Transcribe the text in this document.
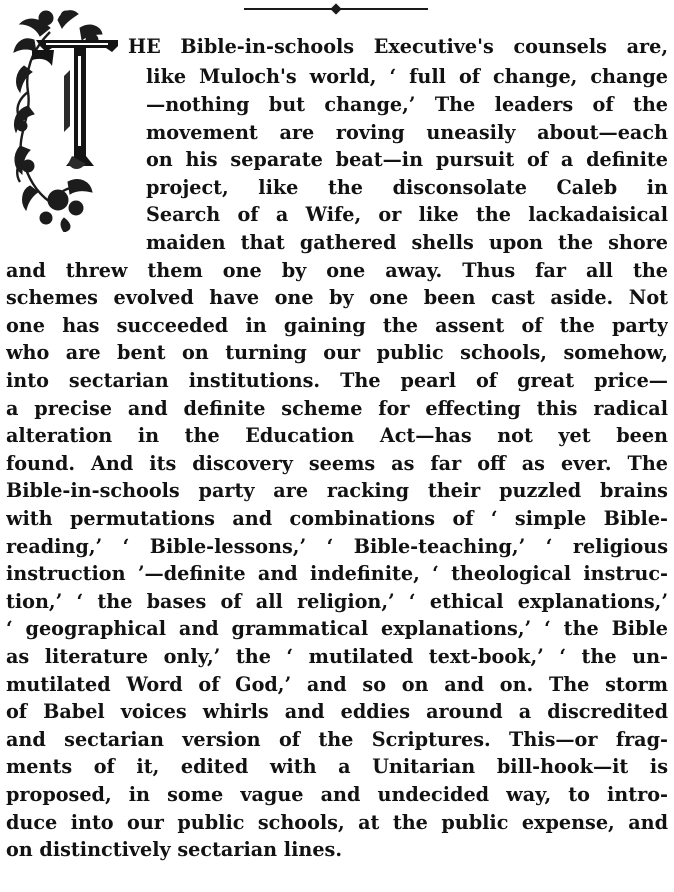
HE Bible-in-schools Executive's counsels are,
like Muloch's world, ‘ full of change, change
—nothing but change,’ The leaders of the
movement are roving uneasily about—each
on his separate beat—in pursuit of a definite
project, like the disconsolate Caleb in
Search of a Wife, or like the lackadaisical
maiden that gathered shells upon the shore
and threw them one by one away. Thus far all the
schemes evolved have one by one been cast aside. Not
one has succeeded in gaining the assent of the party
who are bent on turning our public schools, somehow,
into sectarian institutions. The pearl of great price—
a precise and definite scheme for effecting this radical
alteration in the Education Act—has not yet been
found. And its discovery seems as far off as ever. The
Bible-in-schools party are racking their puzzled brains
with permutations and combinations of ‘ simple Bible-
reading,’ ‘ Bible-lessons,’ ‘ Bible-teaching,’ ‘ religious
instruction ’—definite and indefinite, ‘ theological instruc-
tion,’ ‘ the bases of all religion,’ ‘ ethical explanations,’
‘ geographical and grammatical explanations,’ ‘ the Bible
as literature only,’ the ‘ mutilated text-book,’ ‘ the un-
mutilated Word of God,’ and so on and on. The storm
of Babel voices whirls and eddies around a discredited
and sectarian version of the Scriptures. This—or frag-
ments of it, edited with a Unitarian bill-hook—it is
proposed, in some vague and undecided way, to intro-
duce into our public schools, at the public expense, and
on distinctively sectarian lines.
